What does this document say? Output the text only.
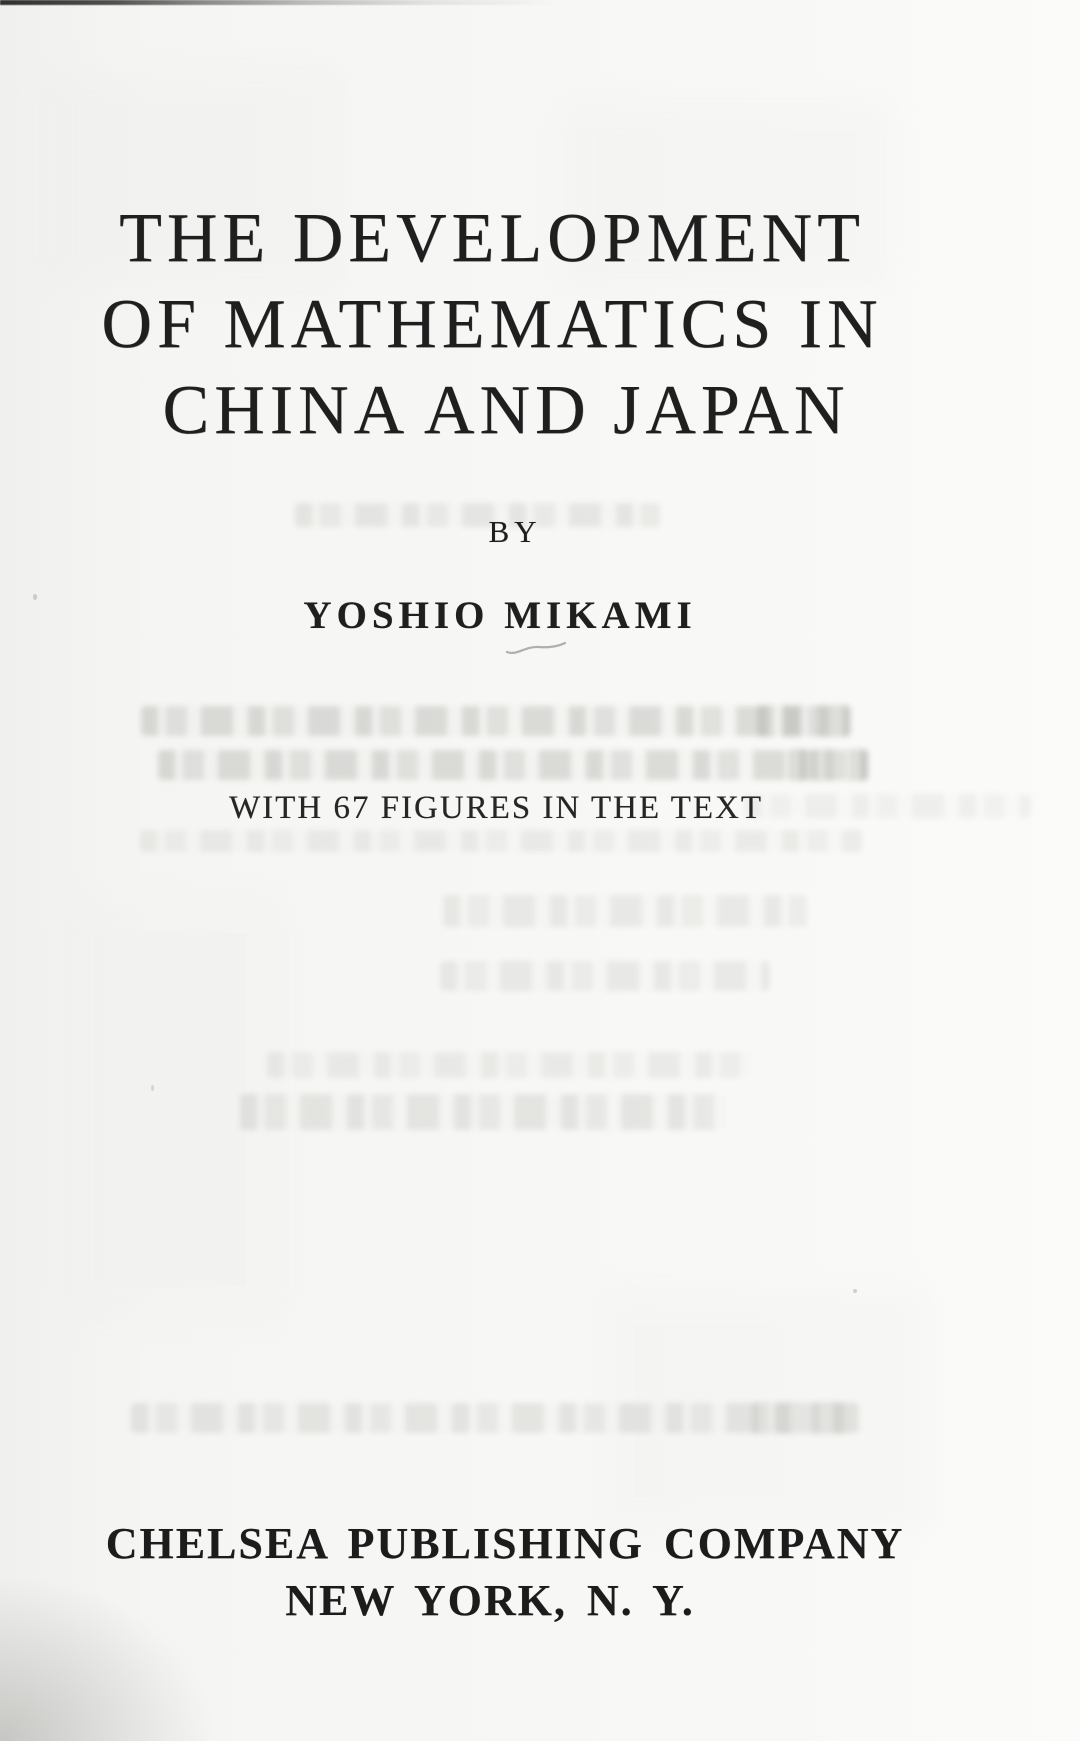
THE DEVELOPMENT
OF MATHEMATICS IN
CHINA AND JAPAN
BY
YOSHIO MIKAMI
WITH 67 FIGURES IN THE TEXT
CHELSEA PUBLISHING COMPANY
NEW YORK, N. Y.
